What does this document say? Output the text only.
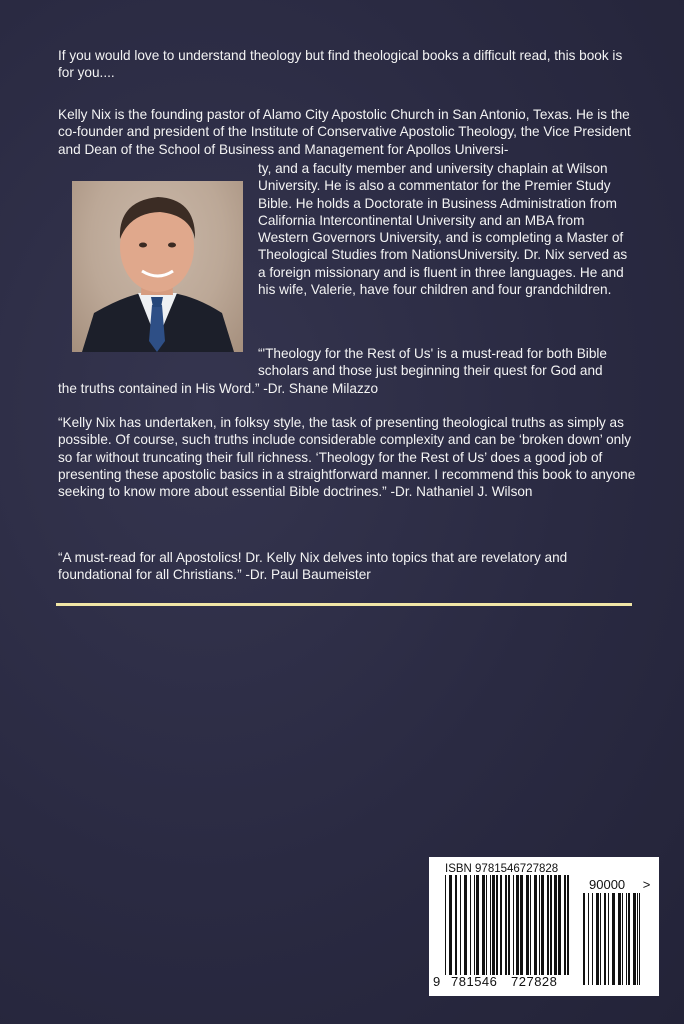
If you would love to understand theology but find theological books a difficult read, this book is for you....

Kelly Nix is the founding pastor of Alamo City Apostolic Church in San Antonio, Texas. He is the co-founder and president of the Institute of Conservative Apostolic Theology, the Vice President and Dean of the School of Business and Management for Apollos Universi-

ty, and a faculty member and university chaplain at Wilson University. He is also a commentator for the Premier Study Bible. He holds a Doctorate in Business Administration from California Intercontinental University and an MBA from Western Governors University, and is completing a Master of Theological Studies from NationsUniversity. Dr. Nix served as a foreign missionary and is fluent in three languages. He and his wife, Valerie, have four children and four grandchildren.

“'Theology for the Rest of Us' is a must-read for both Bible scholars and those just beginning their quest for God and

the truths contained in His Word.” -Dr. Shane Milazzo

“Kelly Nix has undertaken, in folksy style, the task of presenting theological truths as simply as possible. Of course, such truths include considerable complexity and can be ‘broken down’ only so far without truncating their full richness. ‘Theology for the Rest of Us’ does a good job of presenting these apostolic basics in a straightforward manner. I recommend this book to anyone seeking to know more about essential Bible doctrines.” -Dr. Nathaniel J. Wilson

“A must-read for all Apostolics! Dr. Kelly Nix delves into topics that are revelatory and foundational for all Christians.” -Dr. Paul Baumeister

ISBN 9781546727828
90000 >
9 781546 727828
